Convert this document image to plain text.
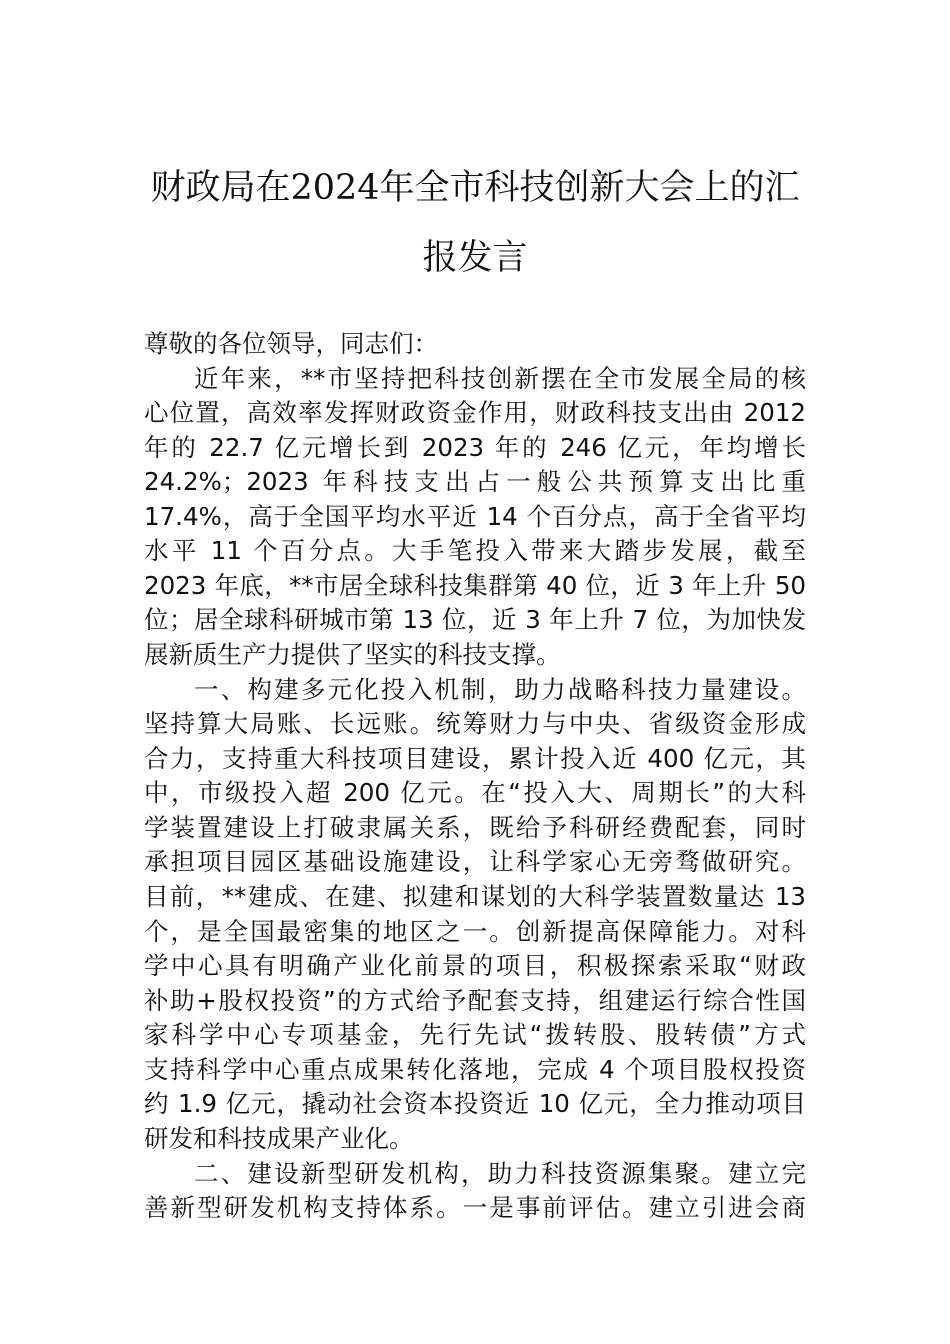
财政局在2024年全市科技创新大会上的汇
报发言
尊敬的各位领导，同志们：
近年来，**市坚持把科技创新摆在全市发展全局的核
心位置，高效率发挥财政资金作用，财政科技支出由 2012
年的 22.7 亿元增长到 2023 年的 246 亿元，年均增长
24.2%；2023 年科技支出占一般公共预算支出比重
17.4%，高于全国平均水平近 14 个百分点，高于全省平均
水平 11 个百分点。大手笔投入带来大踏步发展，截至
2023 年底，**市居全球科技集群第 40 位，近 3 年上升 50
位；居全球科研城市第 13 位，近 3 年上升 7 位，为加快发
展新质生产力提供了坚实的科技支撑。
一、构建多元化投入机制，助力战略科技力量建设。
坚持算大局账、长远账。统筹财力与中央、省级资金形成
合力，支持重大科技项目建设，累计投入近 400 亿元，其
中，市级投入超 200 亿元。在“投入大、周期长”的大科
学装置建设上打破隶属关系，既给予科研经费配套，同时
承担项目园区基础设施建设，让科学家心无旁骛做研究。
目前，**建成、在建、拟建和谋划的大科学装置数量达 13
个，是全国最密集的地区之一。创新提高保障能力。对科
学中心具有明确产业化前景的项目，积极探索采取“财政
补助+股权投资”的方式给予配套支持，组建运行综合性国
家科学中心专项基金，先行先试“拨转股、股转债”方式
支持科学中心重点成果转化落地，完成 4 个项目股权投资
约 1.9 亿元，撬动社会资本投资近 10 亿元，全力推动项目
研发和科技成果产业化。
二、建设新型研发机构，助力科技资源集聚。建立完
善新型研发机构支持体系。一是事前评估。建立引进会商
